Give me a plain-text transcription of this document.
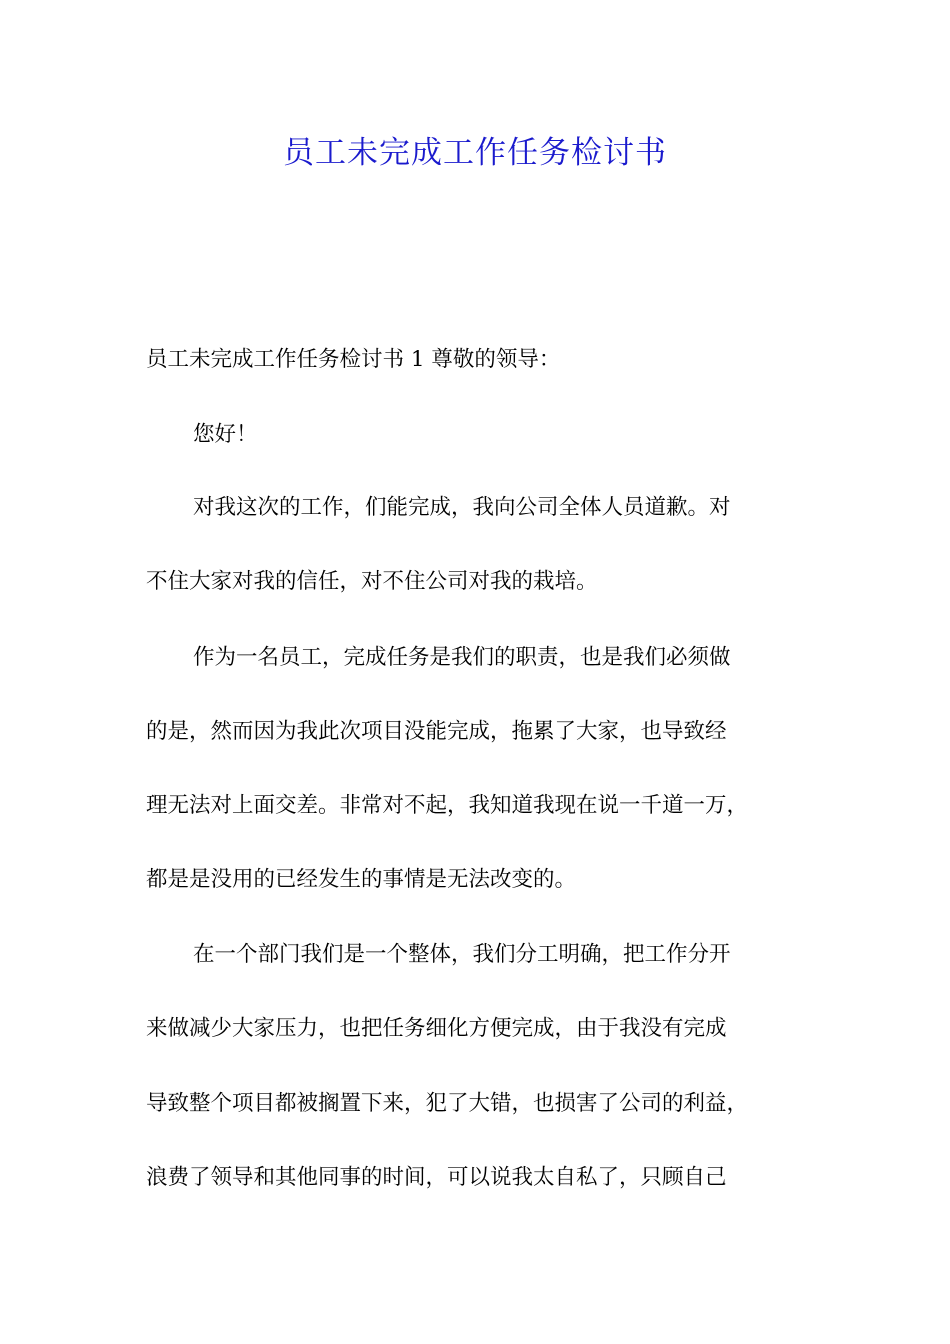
员工未完成工作任务检讨书
员工未完成工作任务检讨书 1 尊敬的领导：
您好！
对我这次的工作，们能完成，我向公司全体人员道歉。对
不住大家对我的信任，对不住公司对我的栽培。
作为一名员工，完成任务是我们的职责，也是我们必须做
的是，然而因为我此次项目没能完成，拖累了大家，也导致经
理无法对上面交差。非常对不起，我知道我现在说一千道一万，
都是是没用的已经发生的事情是无法改变的。
在一个部门我们是一个整体，我们分工明确，把工作分开
来做减少大家压力，也把任务细化方便完成，由于我没有完成
导致整个项目都被搁置下来，犯了大错，也损害了公司的利益，
浪费了领导和其他同事的时间，可以说我太自私了，只顾自己
